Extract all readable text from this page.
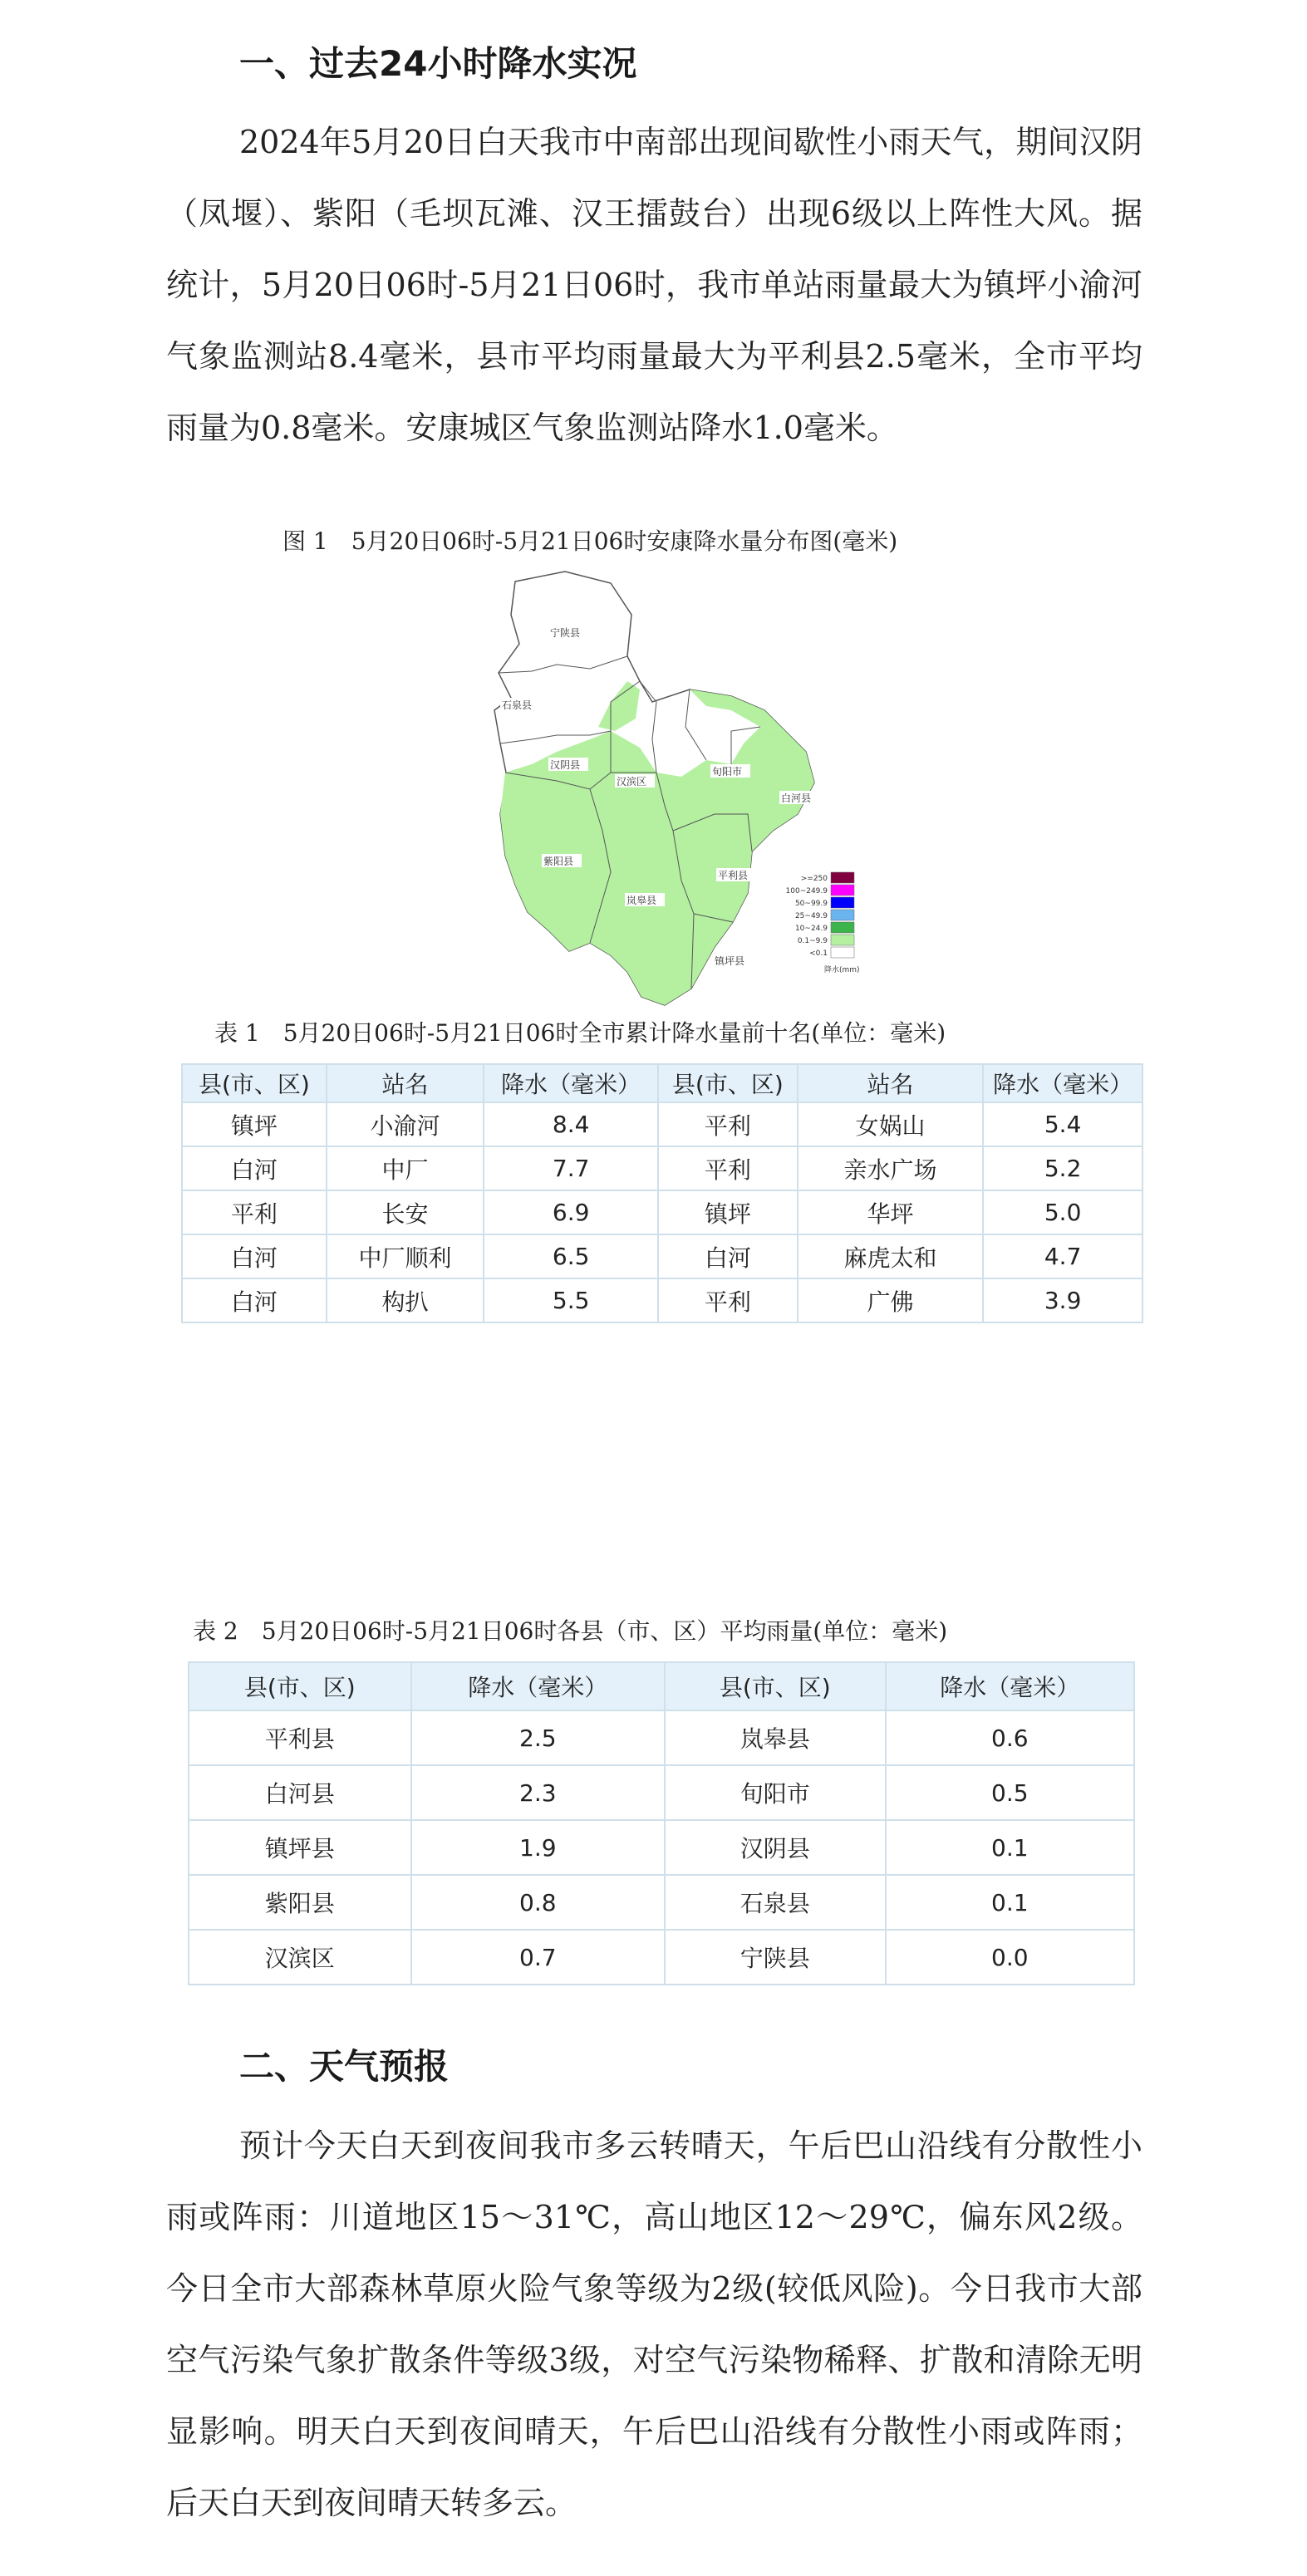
一、过去24小时降水实况

2024年5月20日白天我市中南部出现间歇性小雨天气，期间汉阴（凤堰）、紫阳（毛坝瓦滩、汉王擂鼓台）出现6级以上阵性大风。据统计，5月20日06时-5月21日06时，我市单站雨量最大为镇坪小渝河气象监测站8.4毫米，县市平均雨量最大为平利县2.5毫米，全市平均雨量为0.8毫米。安康城区气象监测站降水1.0毫米。

图 1　5月20日06时-5月21日06时安康降水量分布图(毫米)
宁陕县
石泉县
汉阴县
汉滨区
旬阳市
白河县
紫阳县
岚皋县
平利县
镇坪县
>=250
100~249.9
50~99.9
25~49.9
10~24.9
0.1~9.9
<0.1
降水(mm)
表 1　5月20日06时-5月21日06时全市累计降水量前十名(单位：毫米)
县(市、区)	站名	降水（毫米）	县(市、区)	站名	降水（毫米）
镇坪	小渝河	8.4	平利	女娲山	5.4
白河	中厂	7.7	平利	亲水广场	5.2
平利	长安	6.9	镇坪	华坪	5.0
白河	中厂顺利	6.5	白河	麻虎太和	4.7
白河	构扒	5.5	平利	广佛	3.9
表 2　5月20日06时-5月21日06时各县（市、区）平均雨量(单位：毫米)
县(市、区)	降水（毫米）	县(市、区)	降水（毫米）
平利县	2.5	岚皋县	0.6
白河县	2.3	旬阳市	0.5
镇坪县	1.9	汉阴县	0.1
紫阳县	0.8	石泉县	0.1
汉滨区	0.7	宁陕县	0.0
二、天气预报

预计今天白天到夜间我市多云转晴天，午后巴山沿线有分散性小雨或阵雨：川道地区15～31℃，高山地区12～29℃，偏东风2级。今日全市大部森林草原火险气象等级为2级(较低风险)。今日我市大部空气污染气象扩散条件等级3级，对空气污染物稀释、扩散和清除无明显影响。明天白天到夜间晴天，午后巴山沿线有分散性小雨或阵雨；后天白天到夜间晴天转多云。
